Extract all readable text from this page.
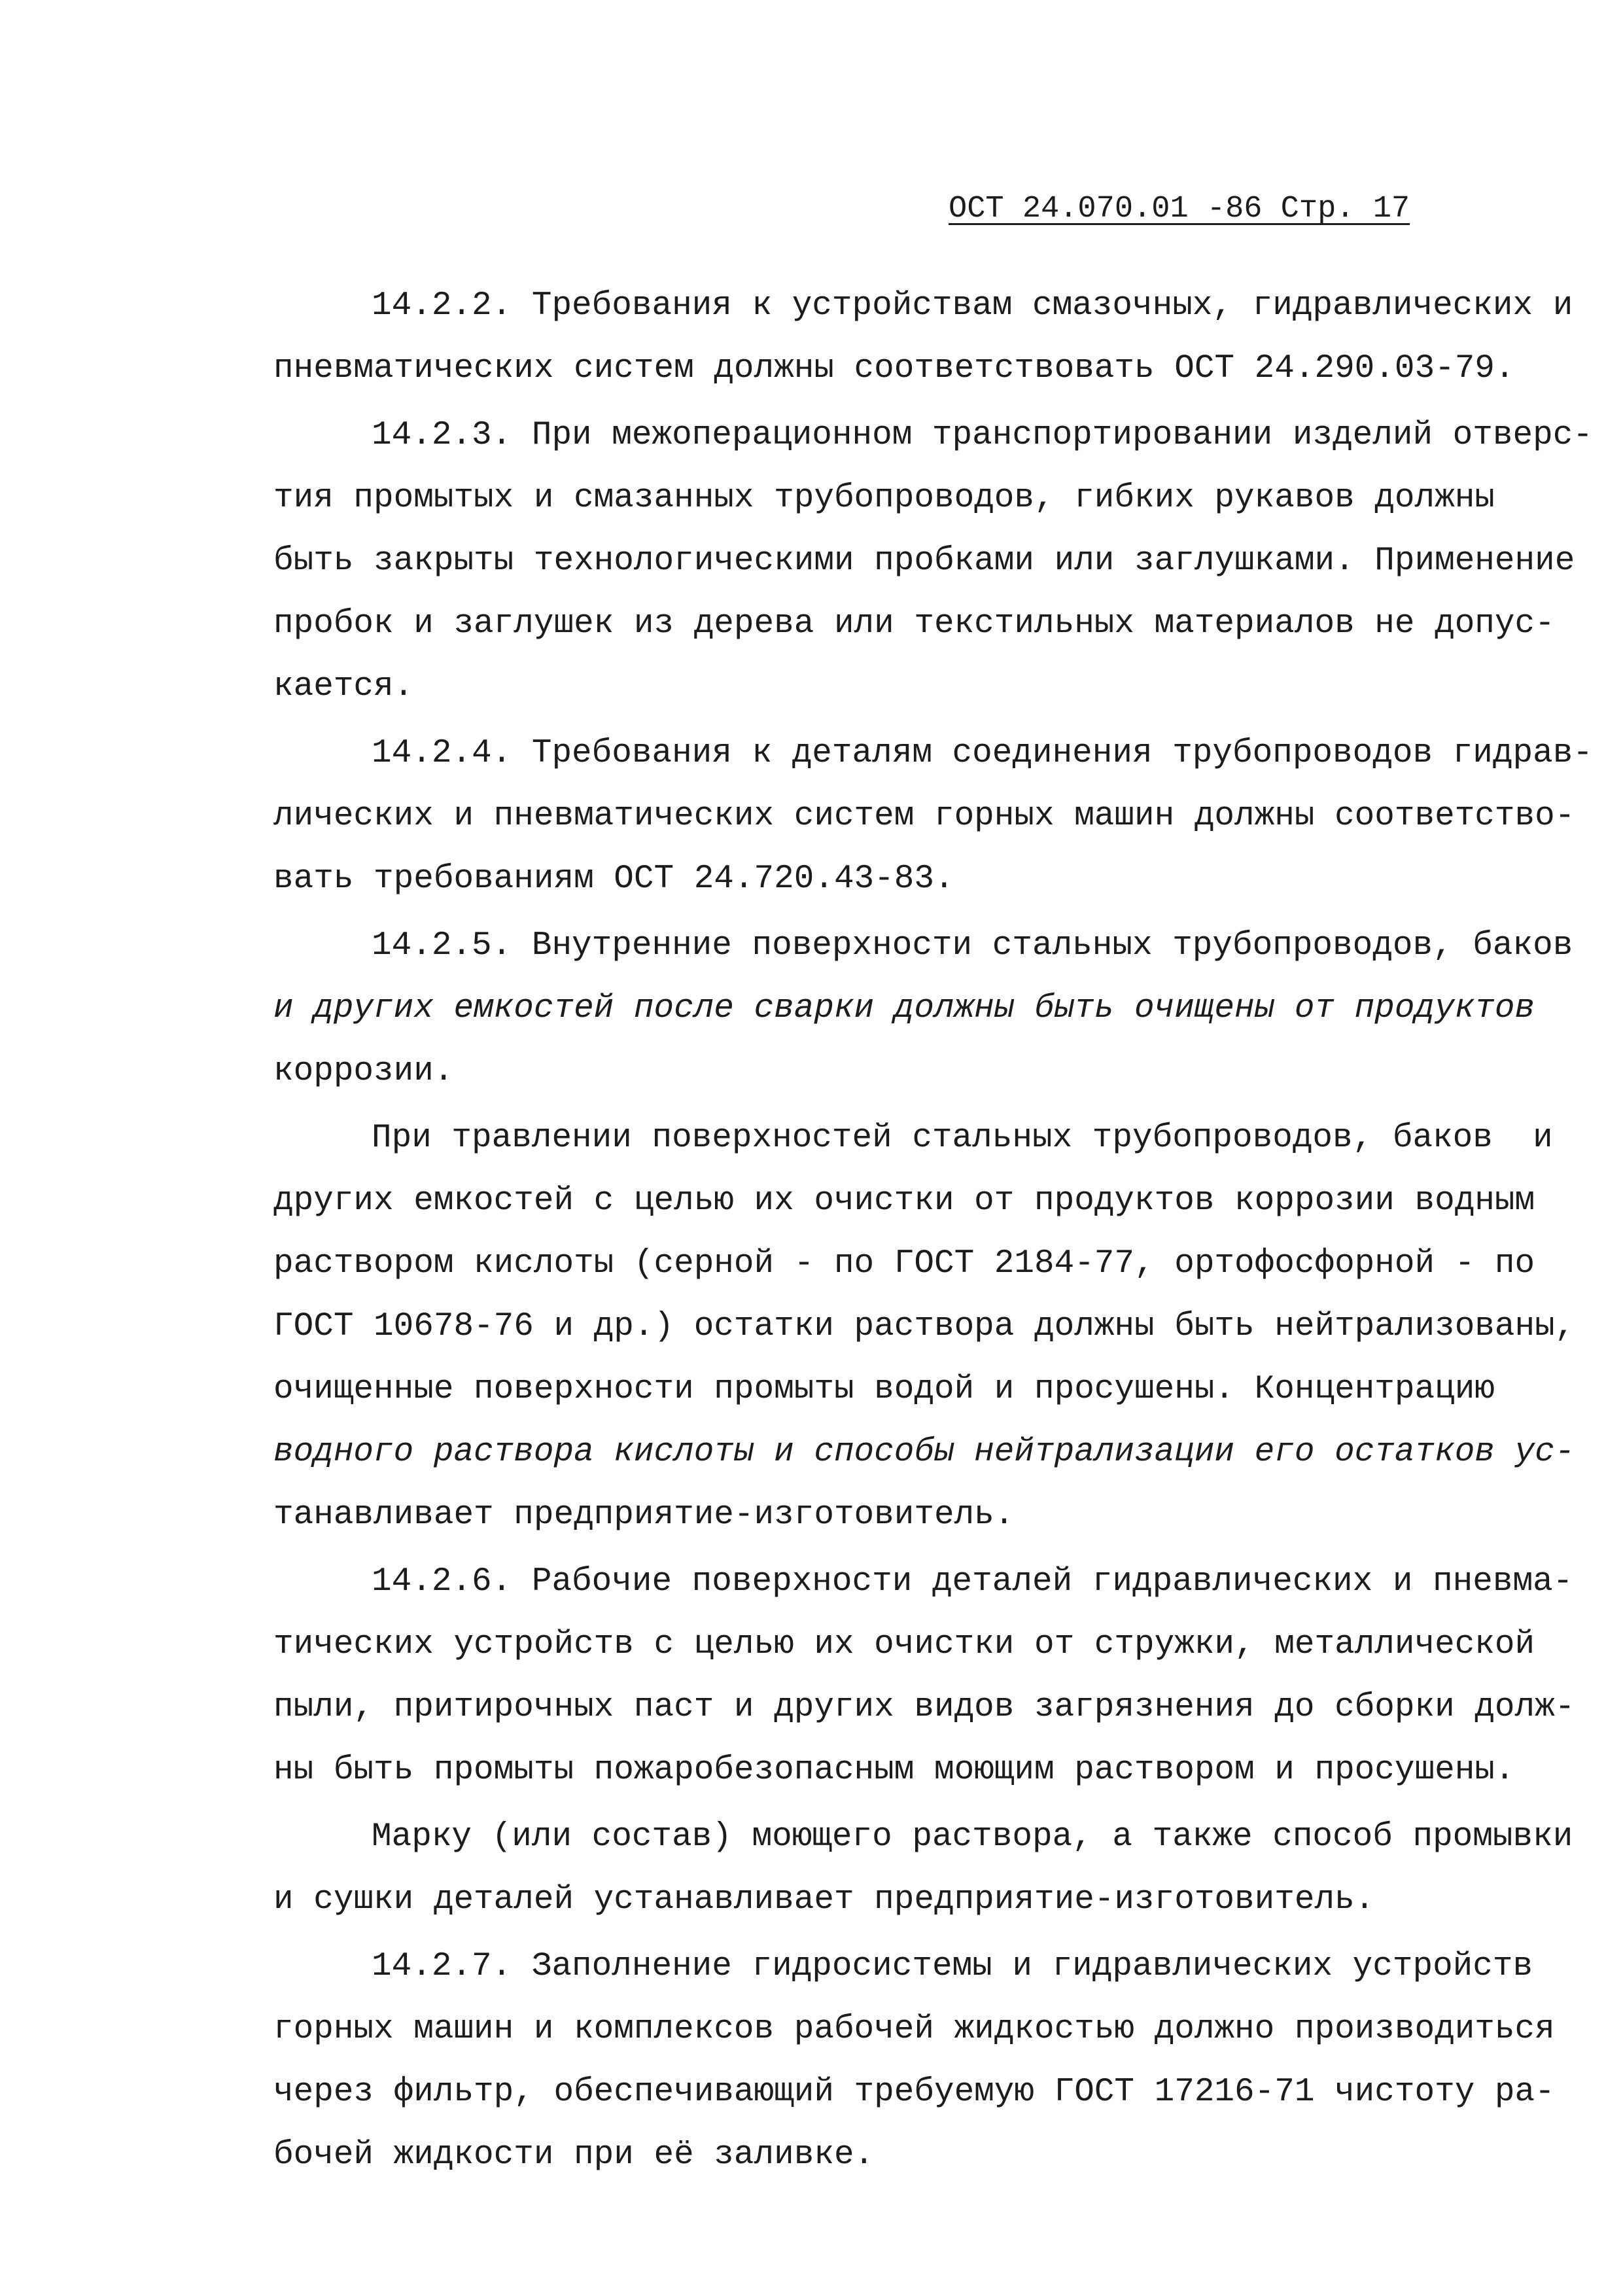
ОСТ 24.070.01 -86 Стр. 17

14.2.2. Требования к устройствам смазочных, гидравлических и
пневматических систем должны соответствовать ОСТ 24.290.03-79.

14.2.3. При межоперационном транспортировании изделий отверс-
тия промытых и смазанных трубопроводов, гибких рукавов должны
быть закрыты технологическими пробками или заглушками. Применение
пробок и заглушек из дерева или текстильных материалов не допус-
кается.

14.2.4. Требования к деталям соединения трубопроводов гидрав-
лических и пневматических систем горных машин должны соответство-
вать требованиям ОСТ 24.720.43-83.

14.2.5. Внутренние поверхности стальных трубопроводов, баков
и других емкостей после сварки должны быть очищены от продуктов
коррозии.

При травлении поверхностей стальных трубопроводов, баков  и
других емкостей с целью их очистки от продуктов коррозии водным
раствором кислоты (серной - по ГОСТ 2184-77, ортофосфорной - по
ГОСТ 10678-76 и др.) остатки раствора должны быть нейтрализованы,
очищенные поверхности промыты водой и просушены. Концентрацию
водного раствора кислоты и способы нейтрализации его остатков ус-
танавливает предприятие-изготовитель.

14.2.6. Рабочие поверхности деталей гидравлических и пневма-
тических устройств с целью их очистки от стружки, металлической
пыли, притирочных паст и других видов загрязнения до сборки долж-
ны быть промыты пожаробезопасным моющим раствором и просушены.

Марку (или состав) моющего раствора, а также способ промывки
и сушки деталей устанавливает предприятие-изготовитель.

14.2.7. Заполнение гидросистемы и гидравлических устройств
горных машин и комплексов рабочей жидкостью должно производиться
через фильтр, обеспечивающий требуемую ГОСТ 17216-71 чистоту ра-
бочей жидкости при её заливке.
